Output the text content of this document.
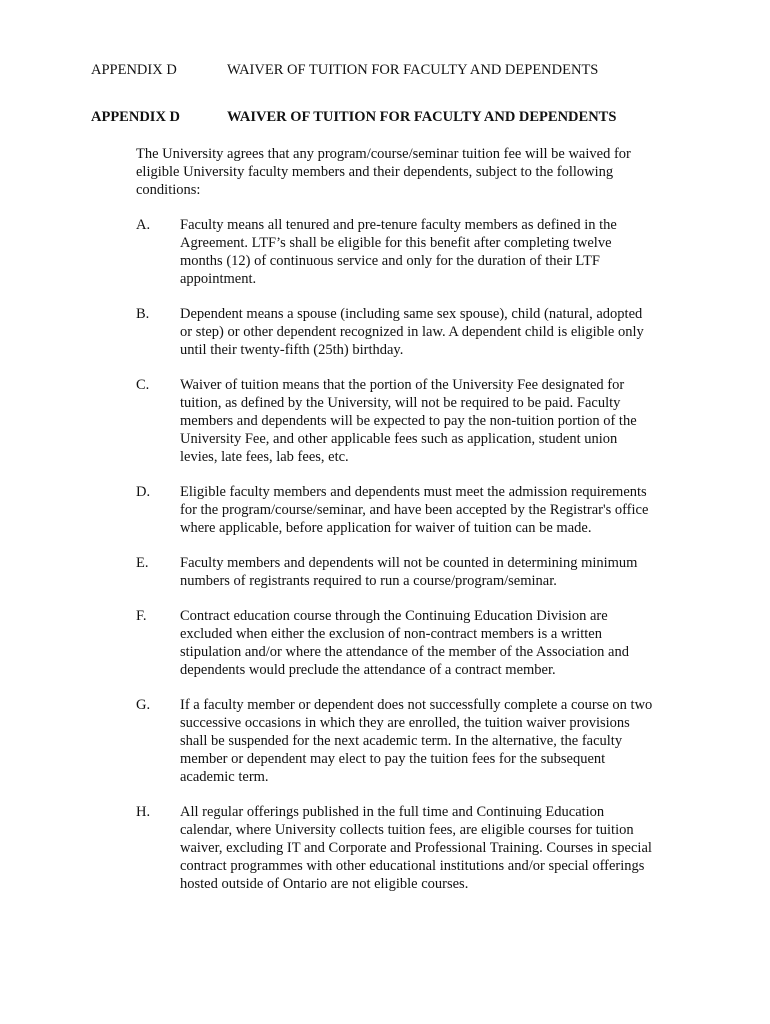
APPENDIX D	WAIVER OF TUITION FOR FACULTY AND DEPENDENTS
APPENDIX D	WAIVER OF TUITION FOR FACULTY AND DEPENDENTS

The University agrees that any program/course/seminar tuition fee will be waived for eligible University faculty members and their dependents, subject to the following conditions:

A.	Faculty means all tenured and pre-tenure faculty members as defined in the Agreement. LTF’s shall be eligible for this benefit after completing twelve months (12) of continuous service and only for the duration of their LTF appointment.
B.	Dependent means a spouse (including same sex spouse), child (natural, adopted or step) or other dependent recognized in law. A dependent child is eligible only until their twenty-fifth (25th) birthday.
C.	Waiver of tuition means that the portion of the University Fee designated for tuition, as defined by the University, will not be required to be paid. Faculty members and dependents will be expected to pay the non-tuition portion of the University Fee, and other applicable fees such as application, student union levies, late fees, lab fees, etc.
D.	Eligible faculty members and dependents must meet the admission requirements for the program/course/seminar, and have been accepted by the Registrar's office where applicable, before application for waiver of tuition can be made.
E.	Faculty members and dependents will not be counted in determining minimum numbers of registrants required to run a course/program/seminar.
F.	Contract education course through the Continuing Education Division are excluded when either the exclusion of non-contract members is a written stipulation and/or where the attendance of the member of the Association and dependents would preclude the attendance of a contract member.
G.	If a faculty member or dependent does not successfully complete a course on two successive occasions in which they are enrolled, the tuition waiver provisions shall be suspended for the next academic term. In the alternative, the faculty member or dependent may elect to pay the tuition fees for the subsequent academic term.
H.	All regular offerings published in the full time and Continuing Education calendar, where University collects tuition fees, are eligible courses for tuition waiver, excluding IT and Corporate and Professional Training. Courses in special contract programmes with other educational institutions and/or special offerings hosted outside of Ontario are not eligible courses.
